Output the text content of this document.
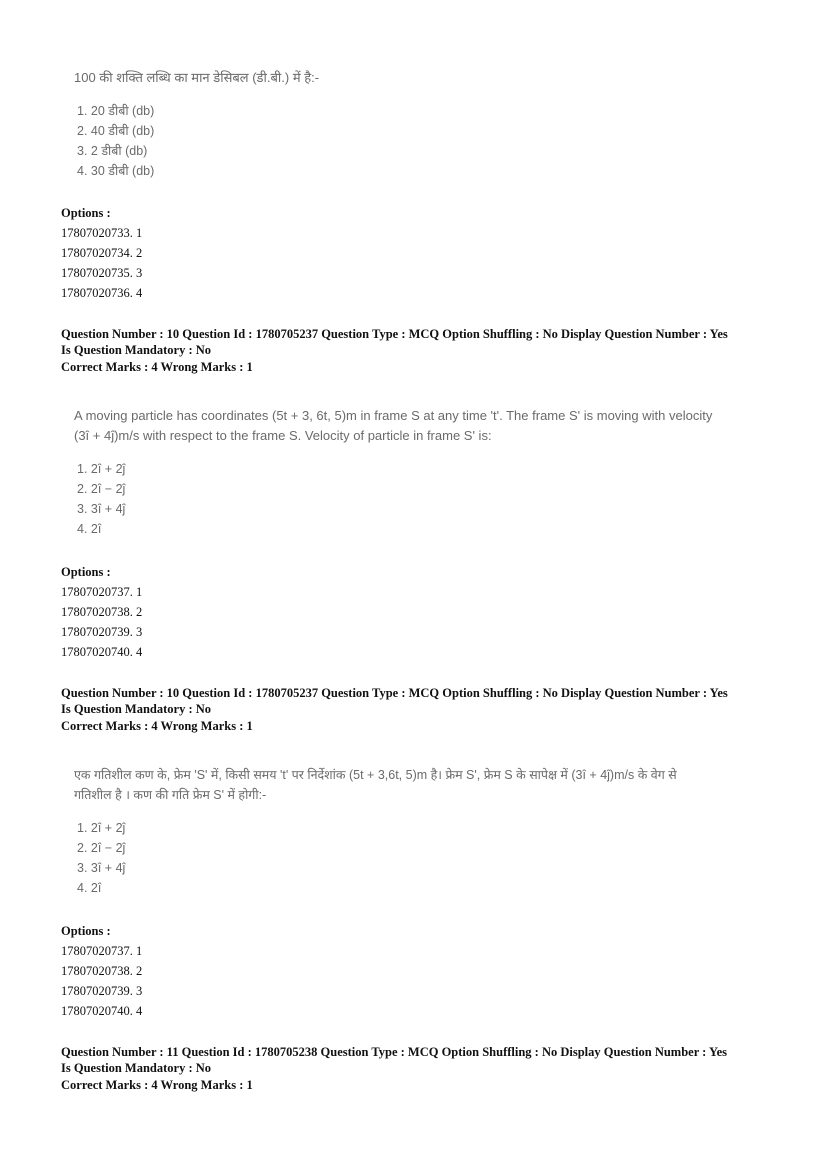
100 की शक्ति लब्धि का मान डेसिबल (डी.बी.) में है:-
1. 20 डीबी (db)
2. 40 डीबी (db)
3. 2 डीबी (db)
4. 30 डीबी (db)
Options :
17807020733. 1
17807020734. 2
17807020735. 3
17807020736. 4
Question Number : 10 Question Id : 1780705237 Question Type : MCQ Option Shuffling : No Display Question Number : Yes
Is Question Mandatory : No
Correct Marks : 4 Wrong Marks : 1
A moving particle has coordinates (5t + 3, 6t, 5)m in frame S at any time 't'. The frame S' is moving with velocity
(3î + 4ĵ)m/s with respect to the frame S. Velocity of particle in frame S' is:
1. 2î + 2ĵ
2. 2î − 2ĵ
3. 3î + 4ĵ
4. 2î
Options :
17807020737. 1
17807020738. 2
17807020739. 3
17807020740. 4
Question Number : 10 Question Id : 1780705237 Question Type : MCQ Option Shuffling : No Display Question Number : Yes
Is Question Mandatory : No
Correct Marks : 4 Wrong Marks : 1
एक गतिशील कण के, फ्रेम 'S' में, किसी समय 't' पर निर्देशांक (5t + 3,6t, 5)m है। फ्रेम S', फ्रेम S के सापेक्ष में (3î + 4ĵ)m/s के वेग से
गतिशील है । कण की गति फ्रेम S' में होगी:-
1. 2î + 2ĵ
2. 2î − 2ĵ
3. 3î + 4ĵ
4. 2î
Options :
17807020737. 1
17807020738. 2
17807020739. 3
17807020740. 4
Question Number : 11 Question Id : 1780705238 Question Type : MCQ Option Shuffling : No Display Question Number : Yes
Is Question Mandatory : No
Correct Marks : 4 Wrong Marks : 1
